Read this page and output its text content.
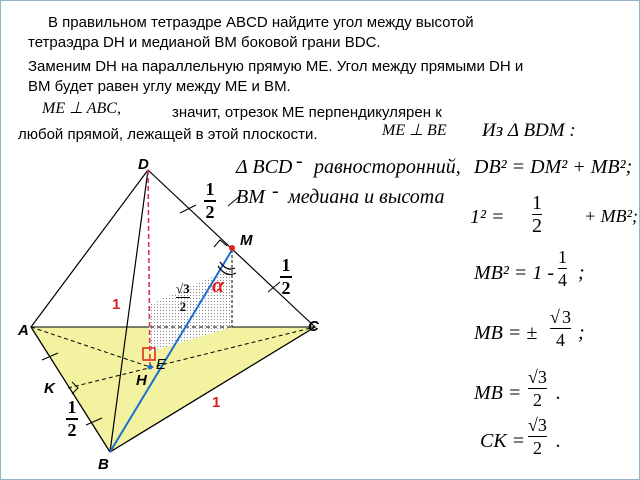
В правильном тетраэдре ABCD найдите угол между высотой
тетраэдра DH и медианой BM боковой грани BDC.
Заменим DH на параллельную прямую ME. Угол между прямыми DH и
BM будет равен углу между ME и BM.
ME ⊥ ABC,	значит, отрезок ME перпендикулярен к
любой прямой, лежащей в этой плоскости.	ME ⊥ BE Из Δ BDM :
D
M
A	C
E
H
K
B
α
1
1
1
2
1
2
1
2
√3
2
Δ BCD - равносторонний, DB² = DM² + MB²;
BM - медиана и высота
1² =
1
2 + MB²;
MB² = 1 -
1
4 ;
MB = ±
√ 3
4 ;
MB =
√3
2 .
CK =
√3
2 .
